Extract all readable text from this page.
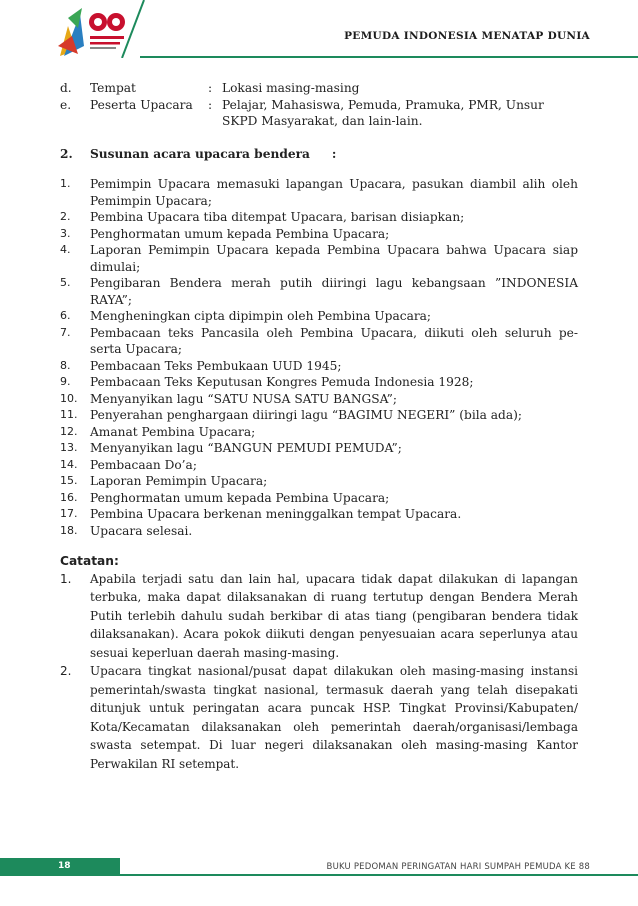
PEMUDA INDONESIA MENATAP DUNIA
d.	Tempat	: Lokasi masing-masing
e.	Peserta Upacara	: Pelajar, Mahasiswa, Pemuda, Pramuka, PMR, Unsur SKPD Masyarakat, dan lain-lain.
2.	Susunan acara upacara bendera :
1.	Pemimpin Upacara memasuki lapangan Upacara, pasukan diambil alih oleh Pemimpin Upacara;
2.	Pembina Upacara tiba ditempat Upacara, barisan disiapkan;
3.	Penghormatan umum kepada Pembina Upacara;
4.	Laporan Pemimpin Upacara kepada Pembina Upacara bahwa Upacara siap dimulai;
5.	Pengibaran Bendera merah putih diiringi lagu kebangsaan ”INDONESIA RAYA”;
6.	Mengheningkan cipta dipimpin oleh Pembina Upacara;
7.	Pembacaan teks Pancasila oleh Pembina Upacara, diikuti oleh seluruh pe-serta Upacara;
8.	Pembacaan Teks Pembukaan UUD 1945;
9.	Pembacaan Teks Keputusan Kongres Pemuda Indonesia 1928;
10.	Menyanyikan lagu “SATU NUSA SATU BANGSA”;
11.	Penyerahan penghargaan diiringi lagu “BAGIMU NEGERI” (bila ada);
12.	Amanat Pembina Upacara;
13.	Menyanyikan lagu “BANGUN PEMUDI PEMUDA”;
14.	Pembacaan Do’a;
15.	Laporan Pemimpin Upacara;
16.	Penghormatan umum kepada Pembina Upacara;
17.	Pembina Upacara berkenan meninggalkan tempat Upacara.
18.	Upacara selesai.
Catatan:
1.	Apabila terjadi satu dan lain hal, upacara tidak dapat dilakukan di lapangan terbuka, maka dapat dilaksanakan di ruang tertutup dengan Bendera Merah Putih terlebih dahulu sudah berkibar di atas tiang (pengibaran bendera tidak dilaksanakan). Acara pokok diikuti dengan penyesuaian acara seperlunya atau sesuai keperluan daerah masing-masing.
2.	Upacara tingkat nasional/pusat dapat dilakukan oleh masing-masing instansi pemerintah/swasta tingkat nasional, termasuk daerah yang telah disepakati ditunjuk untuk peringatan acara puncak HSP. Tingkat Provinsi/Kabupaten/ Kota/Kecamatan dilaksanakan oleh pemerintah daerah/organisasi/lembaga swasta setempat. Di luar negeri dilaksanakan oleh masing-masing Kantor Perwakilan RI setempat.
18	BUKU PEDOMAN PERINGATAN HARI SUMPAH PEMUDA KE 88
